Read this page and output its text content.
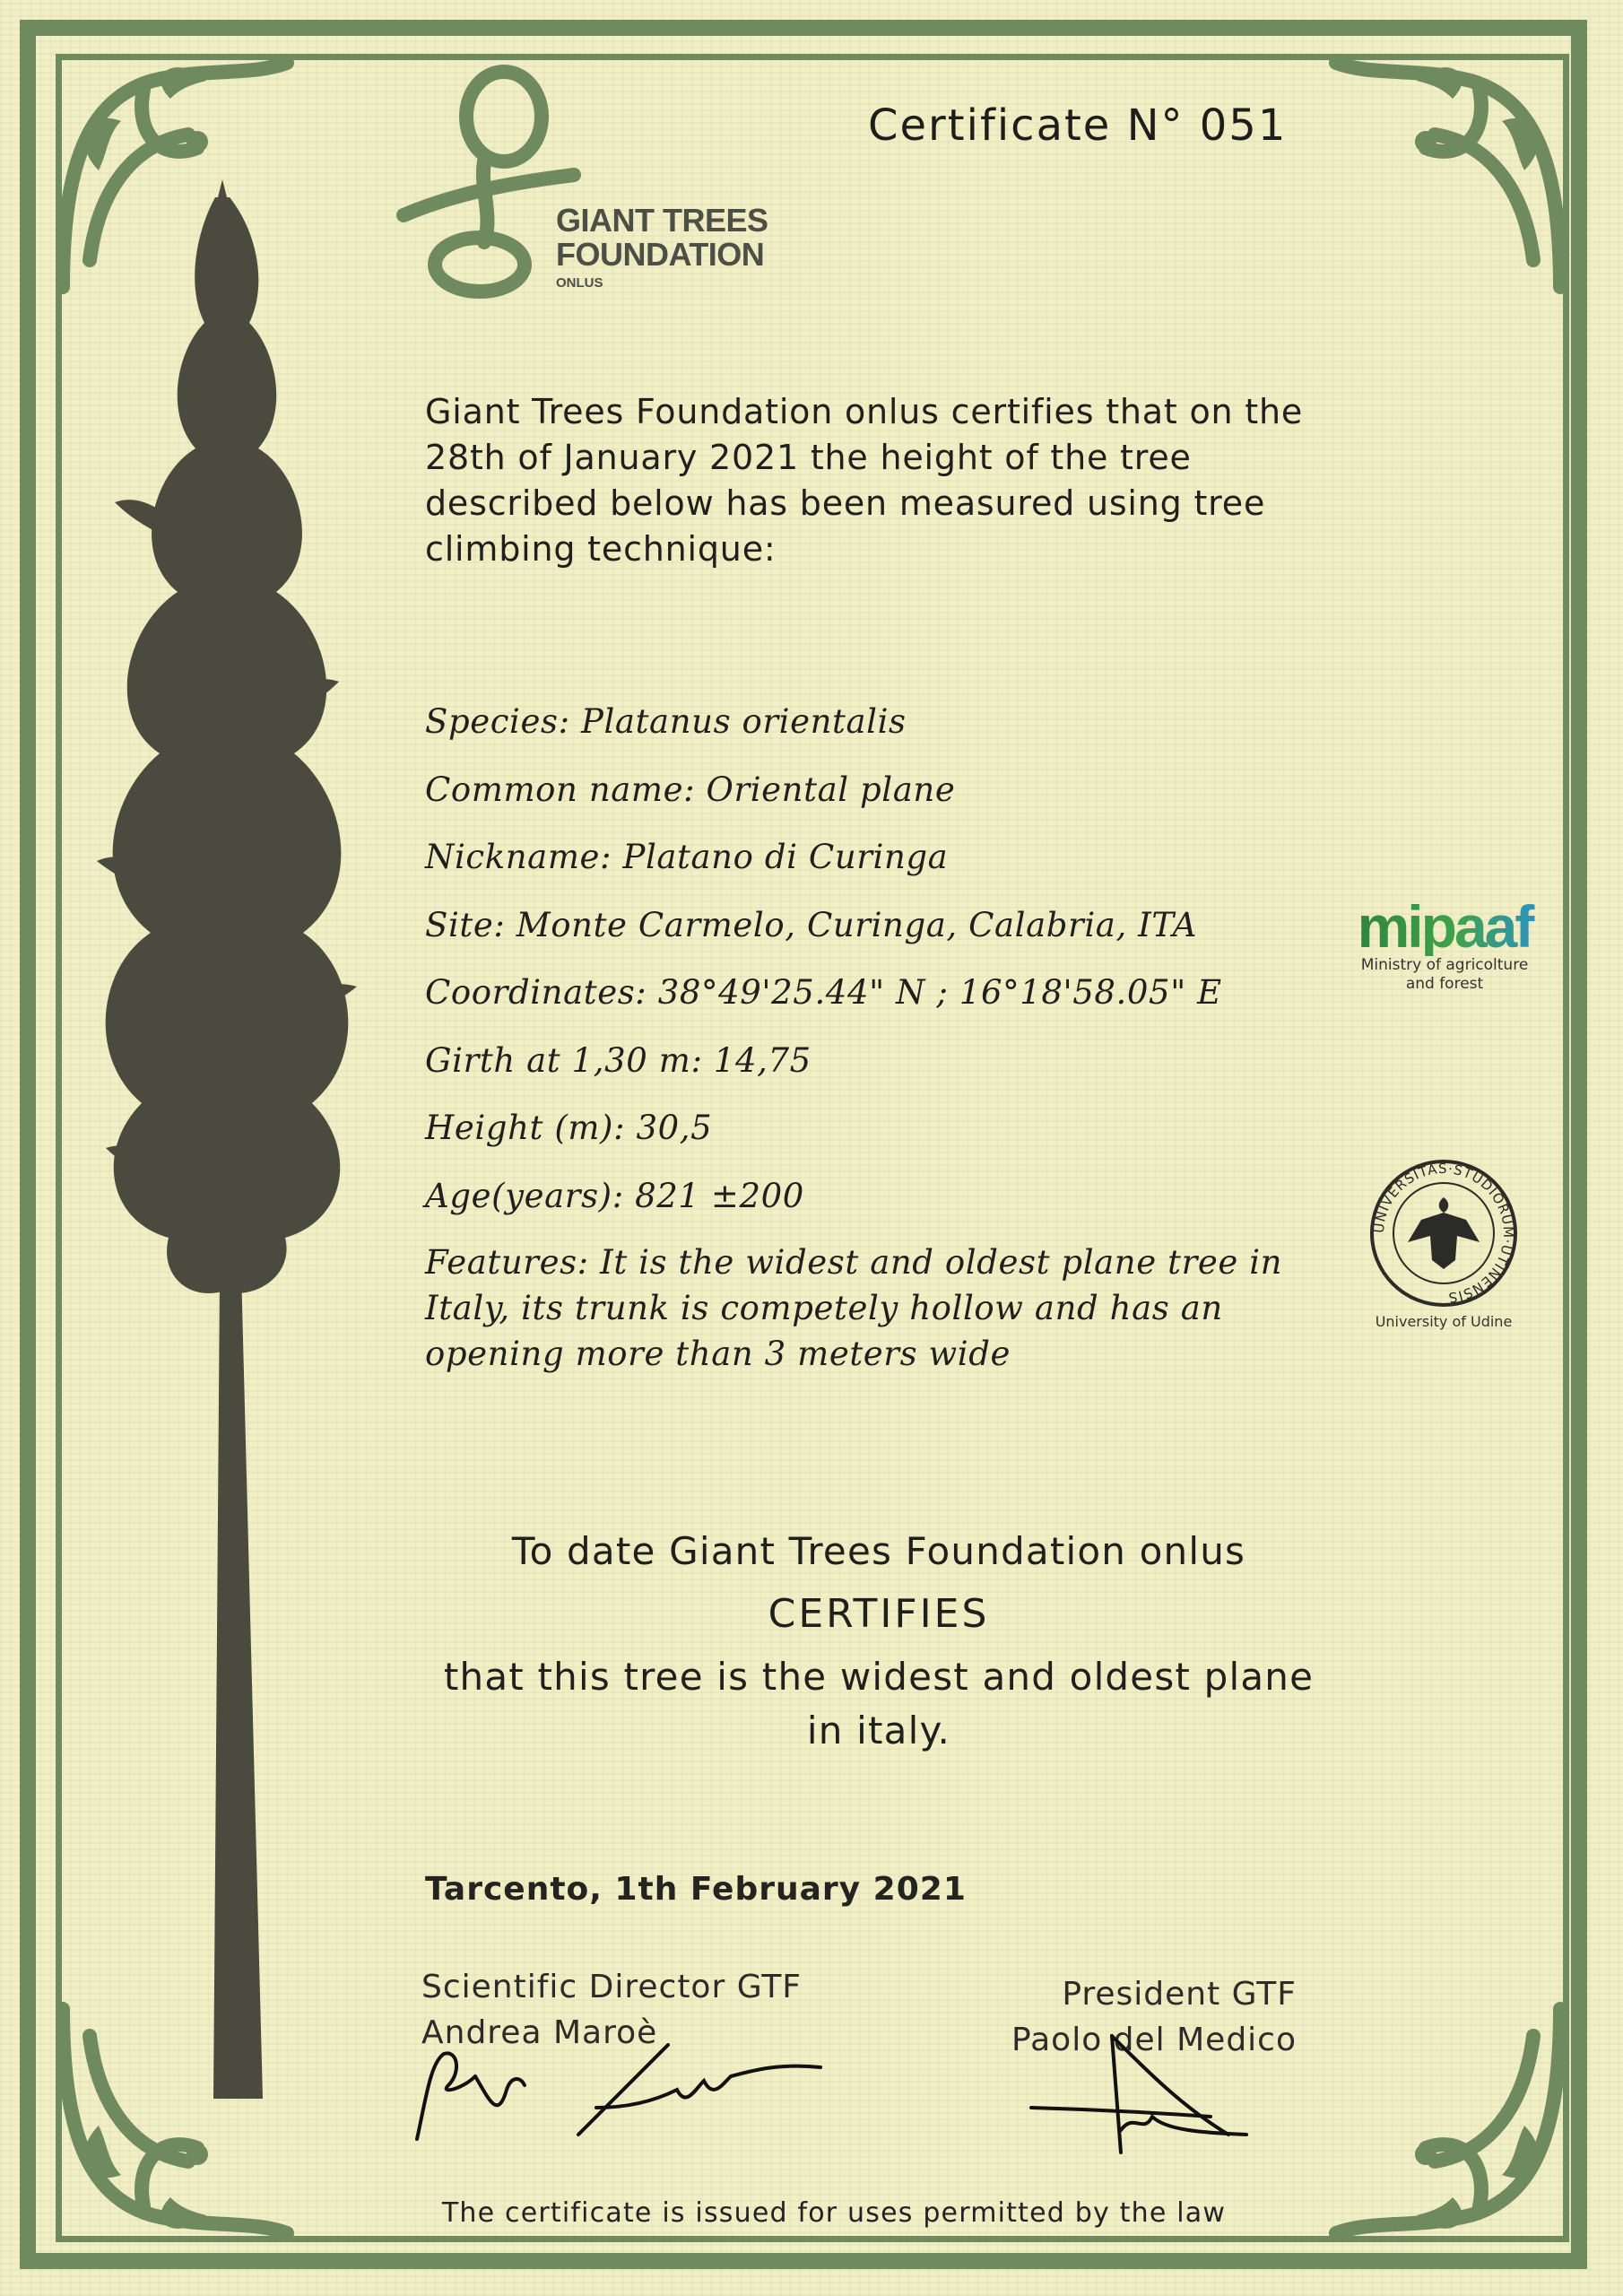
GIANT TREES
FOUNDATION
ONLUS
Certificate N° 051
Giant Trees Foundation onlus certifies that on the 28th of January 2021 the height of the tree described below has been measured using tree climbing technique:
Species: Platanus orientalis
Common name: Oriental plane
Nickname: Platano di Curinga
Site: Monte Carmelo, Curinga, Calabria, ITA
Coordinates: 38°49'25.44" N ; 16°18'58.05" E
Girth at 1,30 m: 14,75
Height (m): 30,5
Age(years): 821 ±200
Features: It is the widest and oldest plane tree in Italy, its trunk is competely hollow and has an opening more than 3 meters wide
mipaaf
Ministry of agricolture
and forest
UNIVERSITAS·STUDIORUM·UTINENSIS
University of Udine
To date Giant Trees Foundation onlus
CERTIFIES
that this tree is the widest and oldest plane in italy.
Tarcento, 1th February 2021
Scientific Director GTF
Andrea Maroè
President GTF
Paolo del Medico
The certificate is issued for uses permitted by the law
